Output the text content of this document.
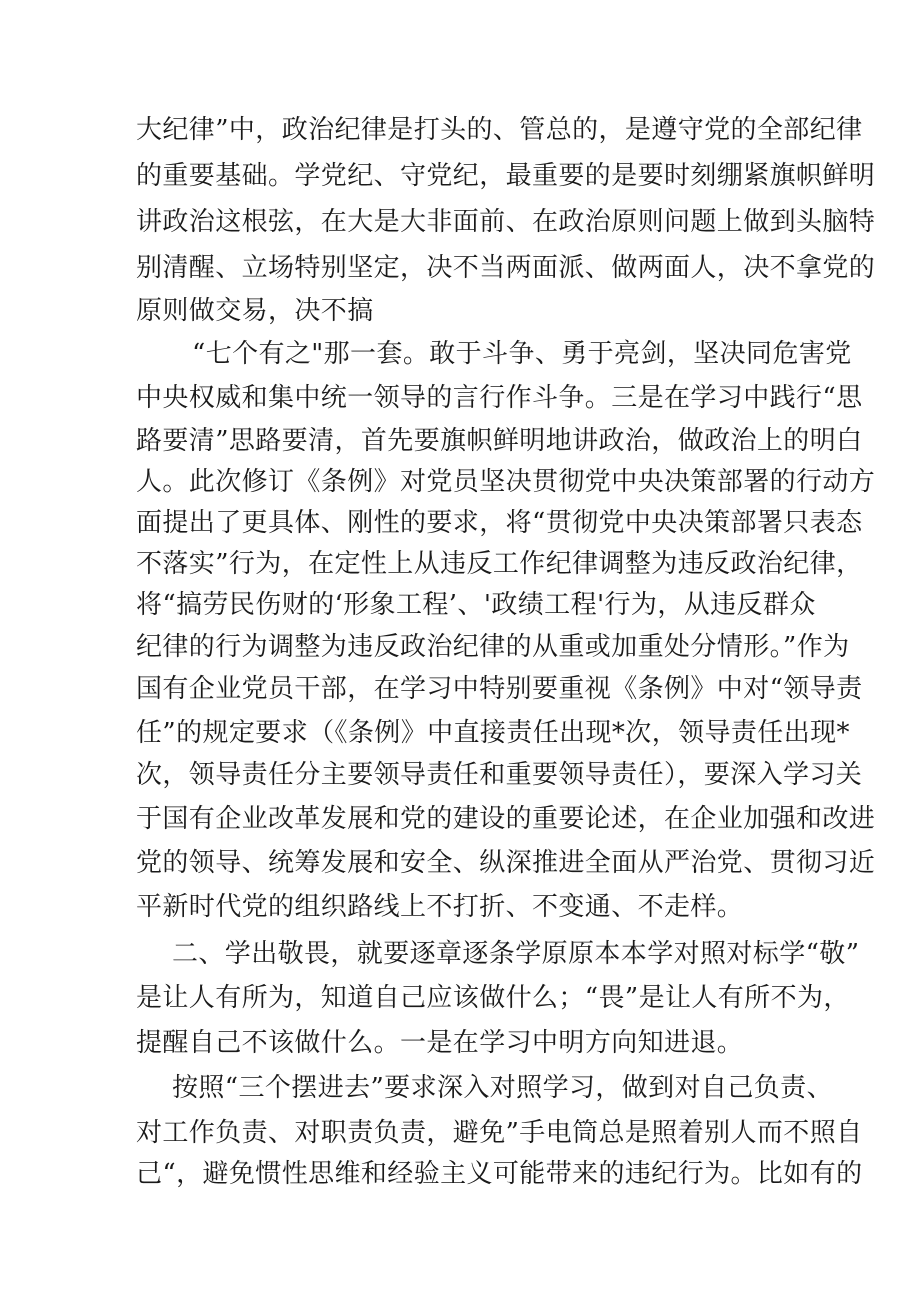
大纪律”中，政治纪律是打头的、管总的，是遵守党的全部纪律

的重要基础。学党纪、守党纪，最重要的是要时刻绷紧旗帜鲜明

讲政治这根弦，在大是大非面前、在政治原则问题上做到头脑特

别清醒、立场特别坚定，决不当两面派、做两面人，决不拿党的

原则做交易，决不搞

“七个有之"那一套。敢于斗争、勇于亮剑，坚决同危害党

中央权威和集中统一领导的言行作斗争。三是在学习中践行“思

路要清”思路要清，首先要旗帜鲜明地讲政治，做政治上的明白

人。此次修订《条例》对党员坚决贯彻党中央决策部署的行动方

面提出了更具体、刚性的要求，将“贯彻党中央决策部署只表态

不落实”行为，在定性上从违反工作纪律调整为违反政治纪律，

将“搞劳民伤财的‘形象工程’、'政绩工程'行为，从违反群众

纪律的行为调整为违反政治纪律的从重或加重处分情形。”作为

国有企业党员干部，在学习中特别要重视《条例》中对“领导责

任”的规定要求（《条例》中直接责任出现*次，领导责任出现*

次，领导责任分主要领导责任和重要领导责任），要深入学习关

于国有企业改革发展和党的建设的重要论述，在企业加强和改进

党的领导、统筹发展和安全、纵深推进全面从严治党、贯彻习近

平新时代党的组织路线上不打折、不变通、不走样。

二、学出敬畏，就要逐章逐条学原原本本学对照对标学“敬”

是让人有所为，知道自己应该做什么；“畏”是让人有所不为，

提醒自己不该做什么。一是在学习中明方向知进退。

按照“三个摆进去”要求深入对照学习，做到对自己负责、

对工作负责、对职责负责，避免”手电筒总是照着别人而不照自

己“，避免惯性思维和经验主义可能带来的违纪行为。比如有的
